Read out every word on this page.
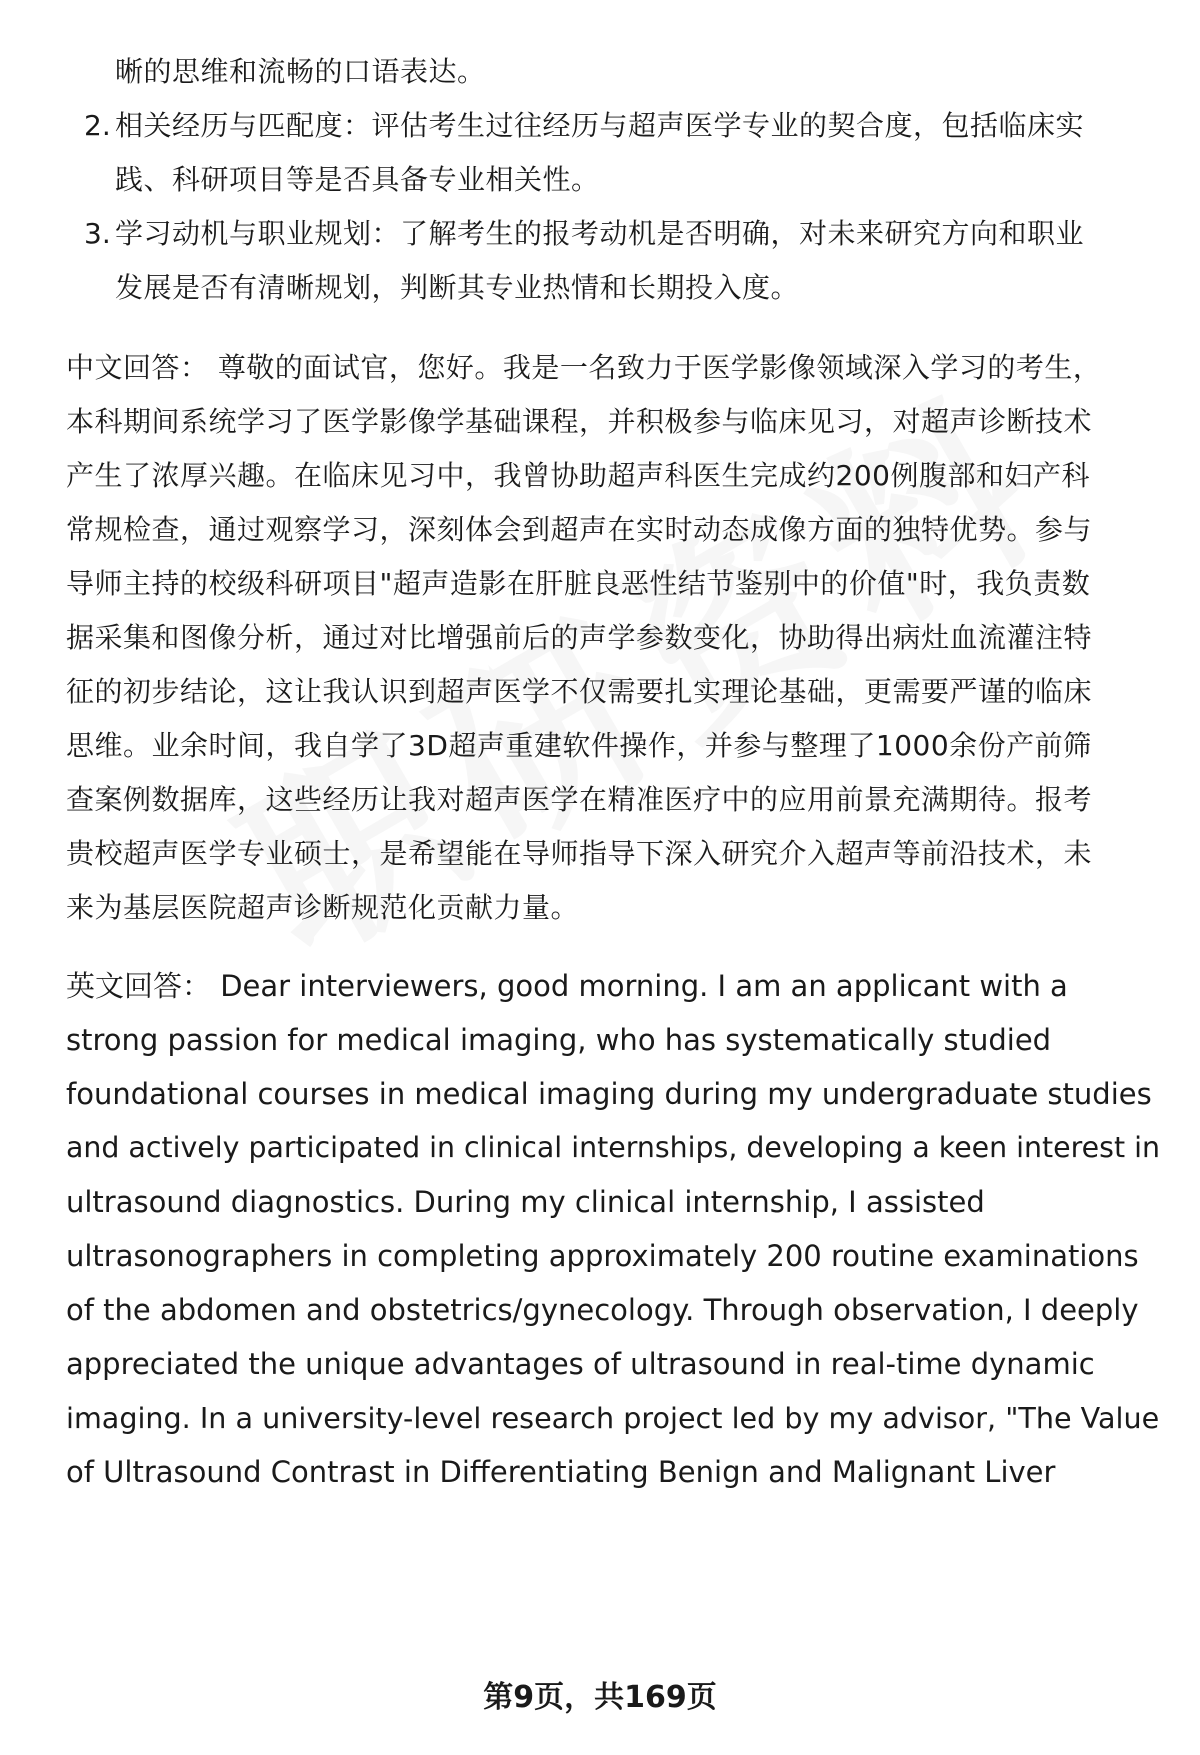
晰的思维和流畅的口语表达。
2. 相关经历与匹配度：评估考生过往经历与超声医学专业的契合度，包括临床实
践、科研项目等是否具备专业相关性。
3. 学习动机与职业规划：了解考生的报考动机是否明确，对未来研究方向和职业
发展是否有清晰规划，判断其专业热情和长期投入度。
中文回答： 尊敬的面试官，您好。我是一名致力于医学影像领域深入学习的考生，
本科期间系统学习了医学影像学基础课程，并积极参与临床见习，对超声诊断技术
产生了浓厚兴趣。在临床见习中，我曾协助超声科医生完成约200例腹部和妇产科
常规检查，通过观察学习，深刻体会到超声在实时动态成像方面的独特优势。参与
导师主持的校级科研项目"超声造影在肝脏良恶性结节鉴别中的价值"时，我负责数
据采集和图像分析，通过对比增强前后的声学参数变化，协助得出病灶血流灌注特
征的初步结论，这让我认识到超声医学不仅需要扎实理论基础，更需要严谨的临床
思维。业余时间，我自学了3D超声重建软件操作，并参与整理了1000余份产前筛
查案例数据库，这些经历让我对超声医学在精准医疗中的应用前景充满期待。报考
贵校超声医学专业硕士，是希望能在导师指导下深入研究介入超声等前沿技术，未
来为基层医院超声诊断规范化贡献力量。
英文回答： Dear interviewers, good morning. I am an applicant with a
strong passion for medical imaging, who has systematically studied
foundational courses in medical imaging during my undergraduate studies
and actively participated in clinical internships, developing a keen interest in
ultrasound diagnostics. During my clinical internship, I assisted
ultrasonographers in completing approximately 200 routine examinations
of the abdomen and obstetrics/gynecology. Through observation, I deeply
appreciated the unique advantages of ultrasound in real-time dynamic
imaging. In a university-level research project led by my advisor, "The Value
of Ultrasound Contrast in Differentiating Benign and Malignant Liver
第9页，共169页
